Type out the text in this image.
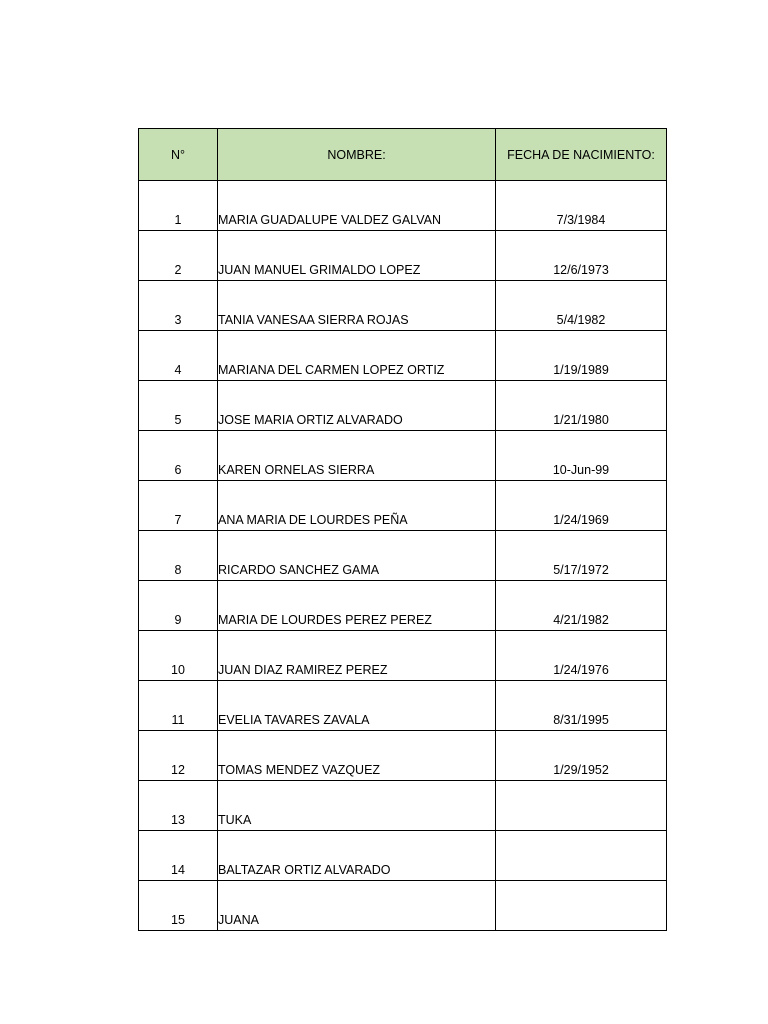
N°	NOMBRE:	FECHA DE NACIMIENTO:
1	MARIA GUADALUPE VALDEZ GALVAN	7/3/1984
2	JUAN MANUEL GRIMALDO LOPEZ	12/6/1973
3	TANIA VANESAA SIERRA ROJAS	5/4/1982
4	MARIANA DEL CARMEN LOPEZ ORTIZ	1/19/1989
5	JOSE MARIA ORTIZ ALVARADO	1/21/1980
6	KAREN ORNELAS SIERRA	10-Jun-99
7	ANA MARIA DE LOURDES PEÑA	1/24/1969
8	RICARDO SANCHEZ GAMA	5/17/1972
9	MARIA DE LOURDES PEREZ PEREZ	4/21/1982
10	JUAN DIAZ RAMIREZ PEREZ	1/24/1976
11	EVELIA TAVARES ZAVALA	8/31/1995
12	TOMAS MENDEZ VAZQUEZ	1/29/1952
13	TUKA	
14	BALTAZAR ORTIZ ALVARADO	
15	JUANA	
